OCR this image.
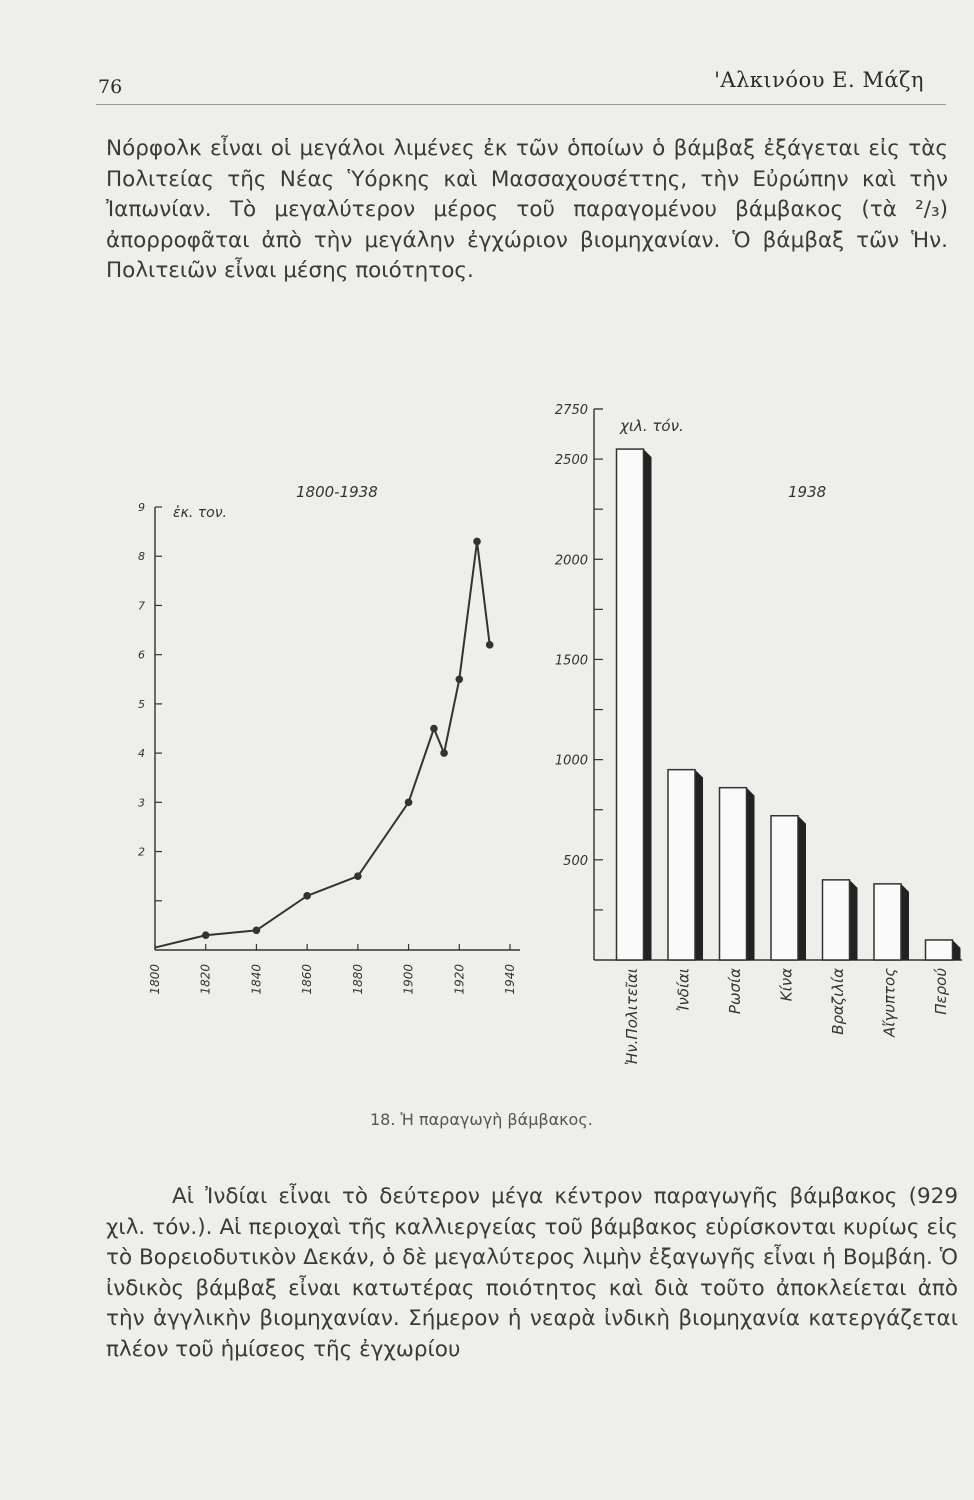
76	'Αλκινόου Ε. Μάζη

Νόρφολκ εἶναι οἱ μεγάλοι λιμένες ἐκ τῶν ὁποίων ὁ βάμβαξ ἐξάγεται εἰς τὰς Πολιτείας τῆς Νέας Ὑόρκης καὶ Μασσαχουσέττης, τὴν Εὐρώπην καὶ τὴν Ἰαπωνίαν. Τὸ μεγαλύτερον μέρος τοῦ παραγομένου βάμβακος (τὰ ²/₃) ἀπορροφᾶται ἀπὸ τὴν μεγάλην ἐγχώριον βιομηχανίαν. Ὁ βάμβαξ τῶν Ἡν. Πολιτειῶν εἶναι μέσης ποιότητος.

2
3
4
5
6
7
8
9
1800	1820	1840	1860	1880	1900	1920	1940
ἑκ. τον.
1800-1938
500
1000
1500
2000
2500
2750
χιλ. τόν.
1938
Ἡν.Πολιτεῖαι Ἰνδίαι Ρωσία Κίνα Βραζιλία Αἴγυπτος Περού
18. Ἡ παραγωγὴ βάμβακος.

Αἱ Ἰνδίαι εἶναι τὸ δεύτερον μέγα κέντρον παραγωγῆς βάμβακος (929 χιλ. τόν.). Αἱ περιοχαὶ τῆς καλλιεργείας τοῦ βάμβακος εὑρίσκονται κυρίως εἰς τὸ Βορειοδυτικὸν Δεκάν, ὁ δὲ μεγαλύτερος λιμὴν ἐξαγωγῆς εἶναι ἡ Βομβάη. Ὁ ἰνδικὸς βάμβαξ εἶναι κατωτέρας ποιότητος καὶ διὰ τοῦτο ἀποκλείεται ἀπὸ τὴν ἀγγλικὴν βιομηχανίαν. Σήμερον ἡ νεαρὰ ἰνδικὴ βιομηχανία κατεργάζεται πλέον τοῦ ἡμίσεος τῆς ἐγχωρίου
